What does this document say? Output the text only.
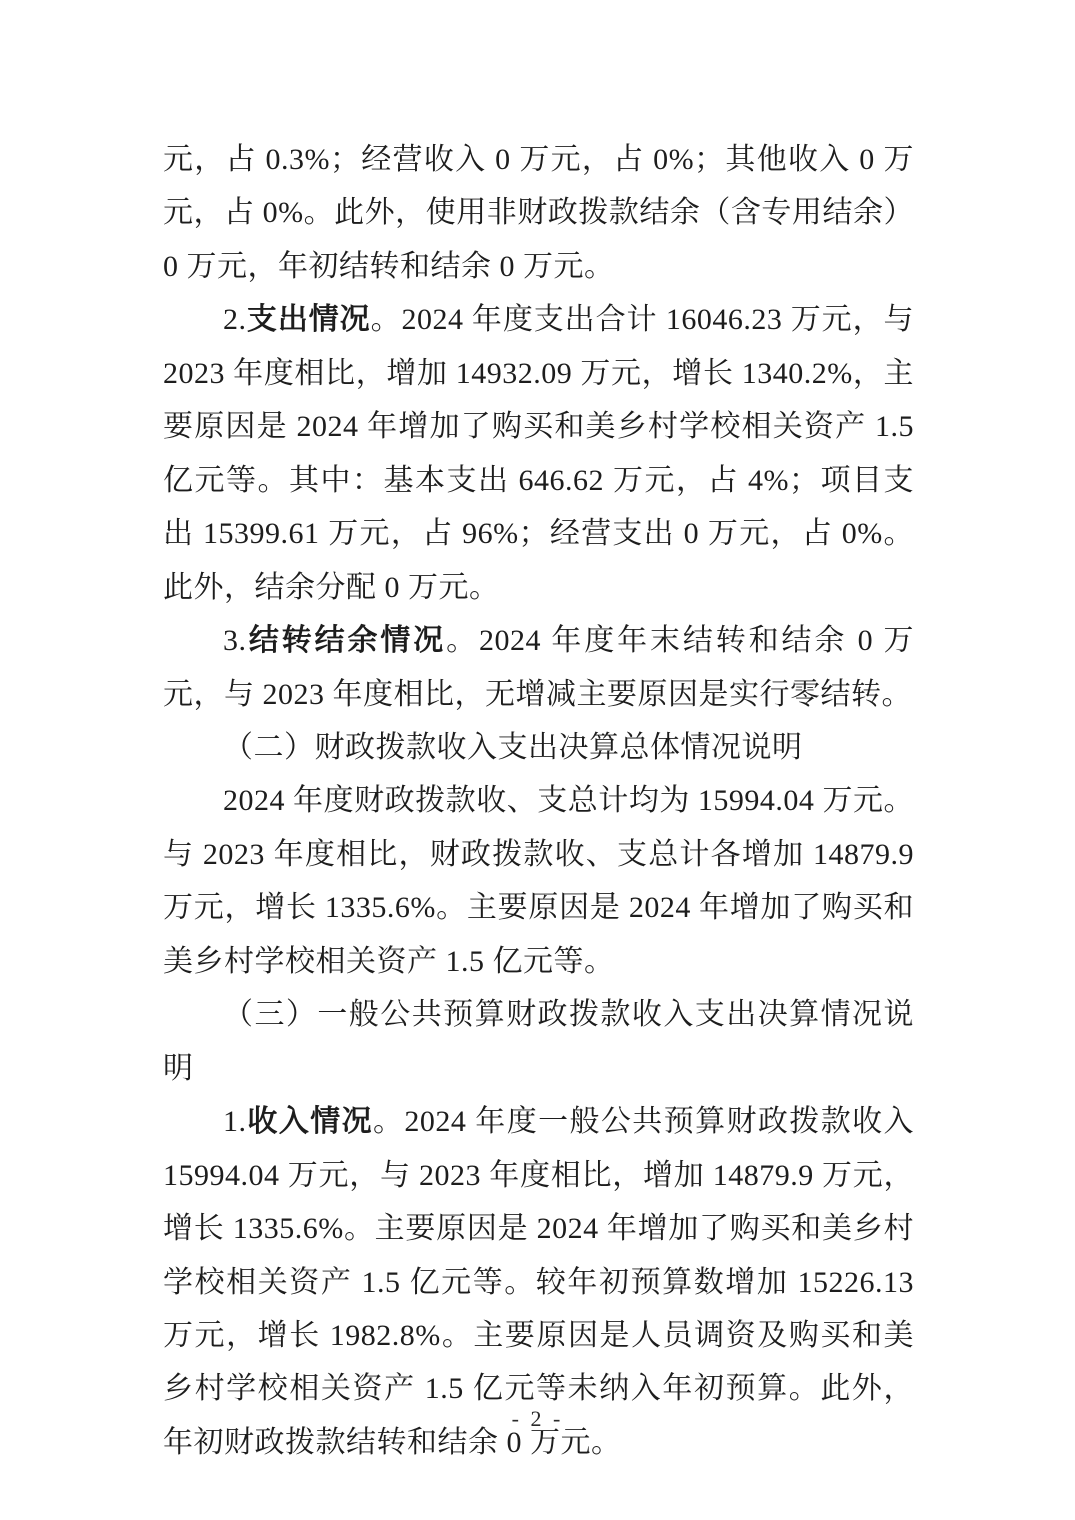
元，占 0.3%；经营收入 0 万元，占 0%；其他收入 0 万元，占 0%。此外，使用非财政拨款结余（含专用结余）0 万元，年初结转和结余 0 万元。

2.支出情况。2024 年度支出合计 16046.23 万元，与 2023 年度相比，增加 14932.09 万元，增长 1340.2%，主要原因是 2024 年增加了购买和美乡村学校相关资产 1.5 亿元等。其中：基本支出 646.62 万元，占 4%；项目支出 15399.61 万元，占 96%；经营支出 0 万元，占 0%。此外，结余分配 0 万元。

3.结转结余情况。2024 年度年末结转和结余 0 万元，与 2023 年度相比，无增减主要原因是实行零结转。

（二）财政拨款收入支出决算总体情况说明

2024 年度财政拨款收、支总计均为 15994.04 万元。与 2023 年度相比，财政拨款收、支总计各增加 14879.9 万元，增长 1335.6%。主要原因是 2024 年增加了购买和美乡村学校相关资产 1.5 亿元等。

（三）一般公共预算财政拨款收入支出决算情况说明

1.收入情况。2024 年度一般公共预算财政拨款收入 15994.04 万元，与 2023 年度相比，增加 14879.9 万元，增长 1335.6%。主要原因是 2024 年增加了购买和美乡村学校相关资产 1.5 亿元等。较年初预算数增加 15226.13 万元，增长 1982.8%。主要原因是人员调资及购买和美乡村学校相关资产 1.5 亿元等未纳入年初预算。此外，年初财政拨款结转和结余 0 万元。

- 2 -
